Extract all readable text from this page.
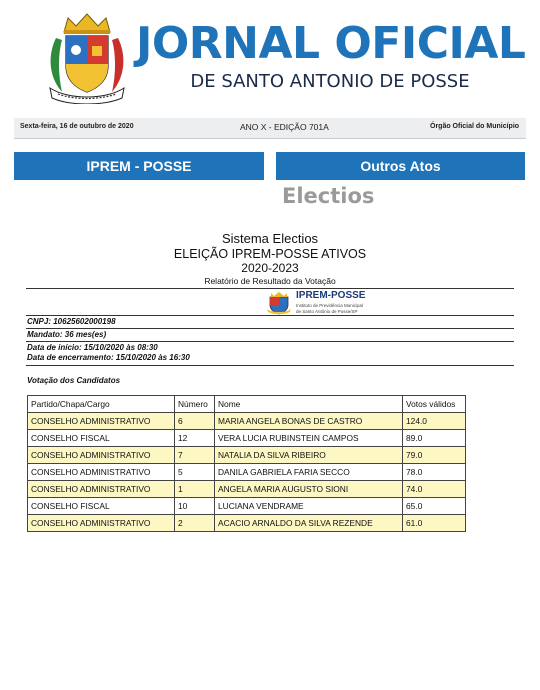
JORNAL OFICIAL
DE SANTO ANTONIO DE POSSE
Sexta-feira, 16 de outubro de 2020	ANO X - EDIÇÃO 701A	Órgão Oficial do Município
IPREM - POSSE	Outros Atos
Electios
Sistema Electios
ELEIÇÃO IPREM-POSSE ATIVOS
2020-2023
Relatório de Resultado da Votação
IPREM-POSSE
Instituto de Previdência Municipal
de Santo Antônio de Posse/SP
CNPJ: 10625602000198
Mandato: 36 mes(es)
Data de início: 15/10/2020 às 08:30
Data de encerramento: 15/10/2020 às 16:30
Votação dos Candidatos
Partido/Chapa/Cargo	Número	Nome	Votos válidos
CONSELHO ADMINISTRATIVO	6	MARIA ANGELA BONAS DE CASTRO	124.0
CONSELHO FISCAL	12	VERA LUCIA RUBINSTEIN CAMPOS	89.0
CONSELHO ADMINISTRATIVO	7	NATALIA DA SILVA RIBEIRO	79.0
CONSELHO ADMINISTRATIVO	5	DANILA GABRIELA FARIA SECCO	78.0
CONSELHO ADMINISTRATIVO	1	ANGELA MARIA AUGUSTO SIONI	74.0
CONSELHO FISCAL	10	LUCIANA VENDRAME	65.0
CONSELHO ADMINISTRATIVO	2	ACACIO ARNALDO DA SILVA REZENDE	61.0
